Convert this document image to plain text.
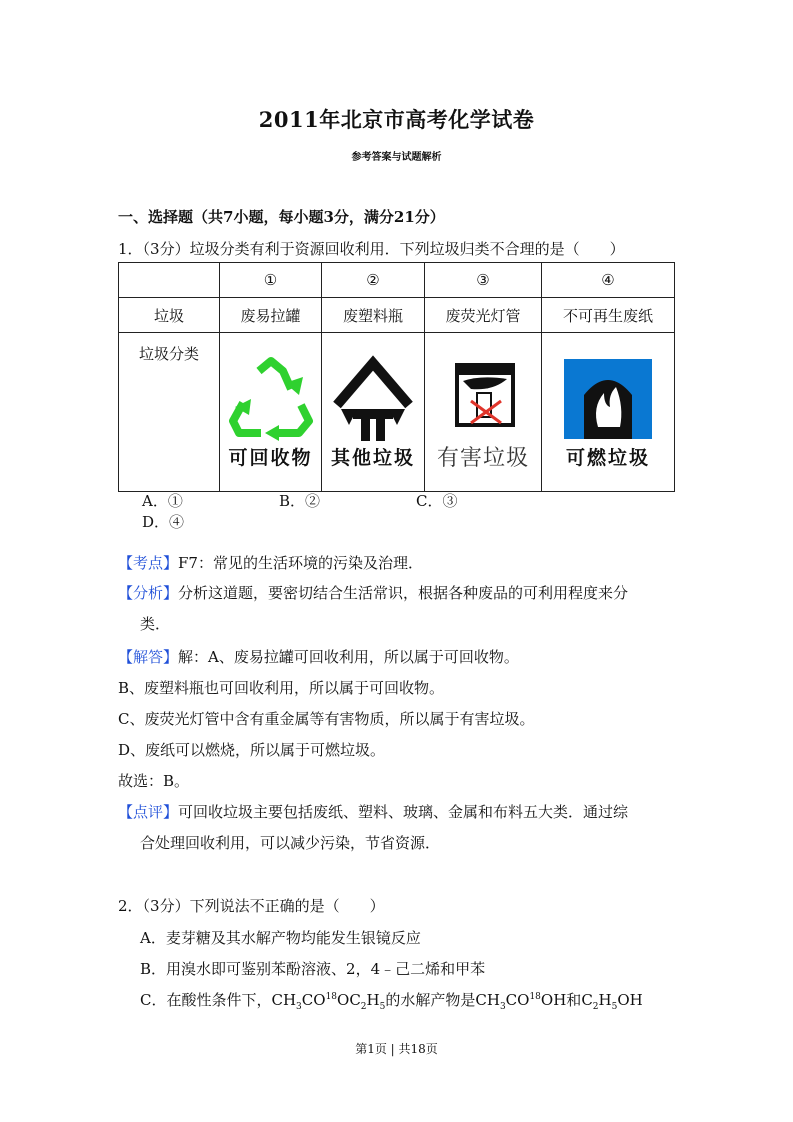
2011年北京市高考化学试卷
参考答案与试题解析
一、选择题（共7小题，每小题3分，满分21分）
1．（3分）垃圾分类有利于资源回收利用．下列垃圾归类不合理的是（　　）
	①	②	③	④
垃圾	废易拉罐	废塑料瓶	废荧光灯管	不可再生废纸
垃圾分类	可回收物	其他垃圾	有害垃圾	可燃垃圾
A．①	B．②	C．③D．④
【考点】F7：常见的生活环境的污染及治理．
【分析】分析这道题，要密切结合生活常识，根据各种废品的可利用程度来分
类．
【解答】解：A、废易拉罐可回收利用，所以属于可回收物。
B、废塑料瓶也可回收利用，所以属于可回收物。
C、废荧光灯管中含有重金属等有害物质，所以属于有害垃圾。
D、废纸可以燃烧，所以属于可燃垃圾。
故选：B。
【点评】可回收垃圾主要包括废纸、塑料、玻璃、金属和布料五大类．通过综
合处理回收利用，可以减少污染，节省资源．
2．（3分）下列说法不正确的是（　　）
A．麦芽糖及其水解产物均能发生银镜反应
B．用溴水即可鉴别苯酚溶液、2，4﹣己二烯和甲苯
C．在酸性条件下，$CH_3CO^{18}OC_2H_5$的水解产物是$CH_3CO^{18}OH$和$C_2H_5OH$
第1页 | 共18页
